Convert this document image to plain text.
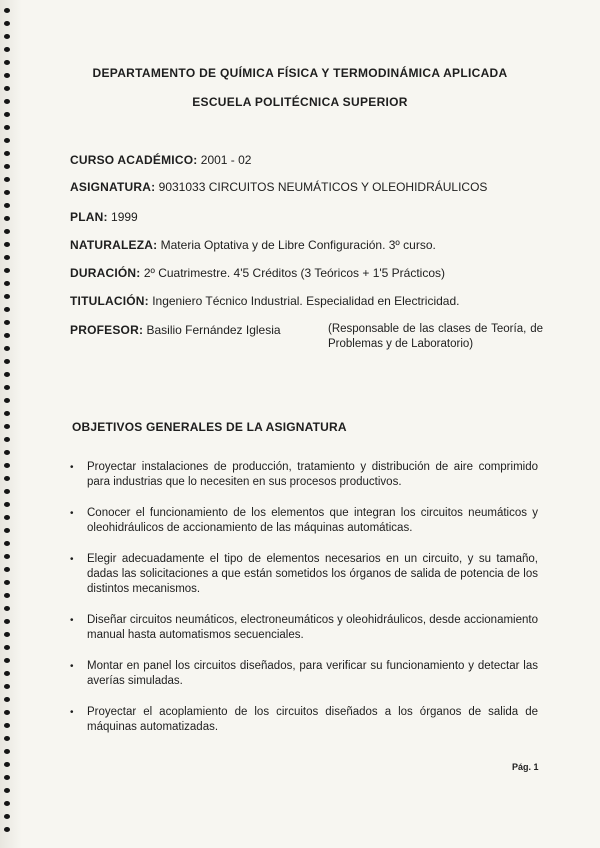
DEPARTAMENTO DE QUÍMICA FÍSICA Y TERMODINÁMICA APLICADA
ESCUELA POLITÉCNICA SUPERIOR
CURSO ACADÉMICO: 2001 - 02
ASIGNATURA: 9031033 CIRCUITOS NEUMÁTICOS Y OLEOHIDRÁULICOS
PLAN: 1999
NATURALEZA: Materia Optativa y de Libre Configuración. 3º curso.
DURACIÓN: 2º Cuatrimestre. 4'5 Créditos (3 Teóricos + 1'5 Prácticos)
TITULACIÓN: Ingeniero Técnico Industrial. Especialidad en Electricidad.
PROFESOR: Basilio Fernández Iglesia	(Responsable de las clases de Teoría, de Problemas y de Laboratorio)
OBJETIVOS GENERALES DE LA ASIGNATURA
• Proyectar instalaciones de producción, tratamiento y distribución de aire comprimido para industrias que lo necesiten en sus procesos productivos.
• Conocer el funcionamiento de los elementos que integran los circuitos neumáticos y oleohidráulicos de accionamiento de las máquinas automáticas.
• Elegir adecuadamente el tipo de elementos necesarios en un circuito, y su tamaño, dadas las solicitaciones a que están sometidos los órganos de salida de potencia de los distintos mecanismos.
• Diseñar circuitos neumáticos, electroneumáticos y oleohidráulicos, desde accionamiento manual hasta automatismos secuenciales.
• Montar en panel los circuitos diseñados, para verificar su funcionamiento y detectar las averías simuladas.
• Proyectar el acoplamiento de los circuitos diseñados a los órganos de salida de máquinas automatizadas.
Pág. 1
